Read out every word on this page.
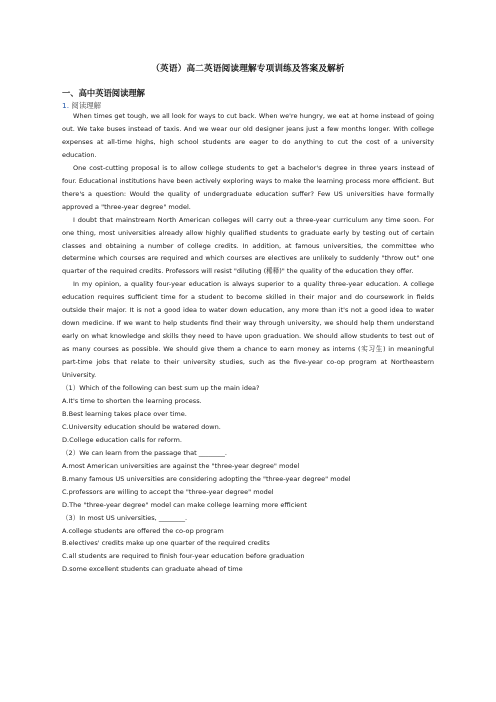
（英语）高二英语阅读理解专项训练及答案及解析
一、高中英语阅读理解
1. 阅读理解

When times get tough, we all look for ways to cut back. When we're hungry, we eat at home instead of going out. We take buses instead of taxis. And we wear our old designer jeans just a few months longer. With college expenses at all-time highs, high school students are eager to do anything to cut the cost of a university education.

One cost-cutting proposal is to allow college students to get a bachelor's degree in three years instead of four. Educational institutions have been actively exploring ways to make the learning process more efficient. But there's a question: Would the quality of undergraduate education suffer? Few US universities have formally approved a "three-year degree" model.

I doubt that mainstream North American colleges will carry out a three-year curriculum any time soon. For one thing, most universities already allow highly qualified students to graduate early by testing out of certain classes and obtaining a number of college credits. In addition, at famous universities, the committee who determine which courses are required and which courses are electives are unlikely to suddenly "throw out" one quarter of the required credits. Professors will resist "diluting (稀释)" the quality of the education they offer.

In my opinion, a quality four-year education is always superior to a quality three-year education. A college education requires sufficient time for a student to become skilled in their major and do coursework in fields outside their major. It is not a good idea to water down education, any more than it's not a good idea to water down medicine. If we want to help students find their way through university, we should help them understand early on what knowledge and skills they need to have upon graduation. We should allow students to test out of as many courses as possible. We should give them a chance to earn money as interns (实习生) in meaningful part-time jobs that relate to their university studies, such as the five-year co-op program at Northeastern University.

（1）Which of the following can best sum up the main idea?
A.It's time to shorten the learning process.
B.Best learning takes place over time.
C.University education should be watered down.
D.College education calls for reform.
（2）We can learn from the passage that ________.
A.most American universities are against the "three-year degree" model
B.many famous US universities are considering adopting the "three-year degree" model
C.professors are willing to accept the "three-year degree" model
D.The "three-year degree" model can make college learning more efficient
（3）In most US universities, ________.
A.college students are offered the co-op program
B.electives' credits make up one quarter of the required credits
C.all students are required to finish four-year education before graduation
D.some excellent students can graduate ahead of time
